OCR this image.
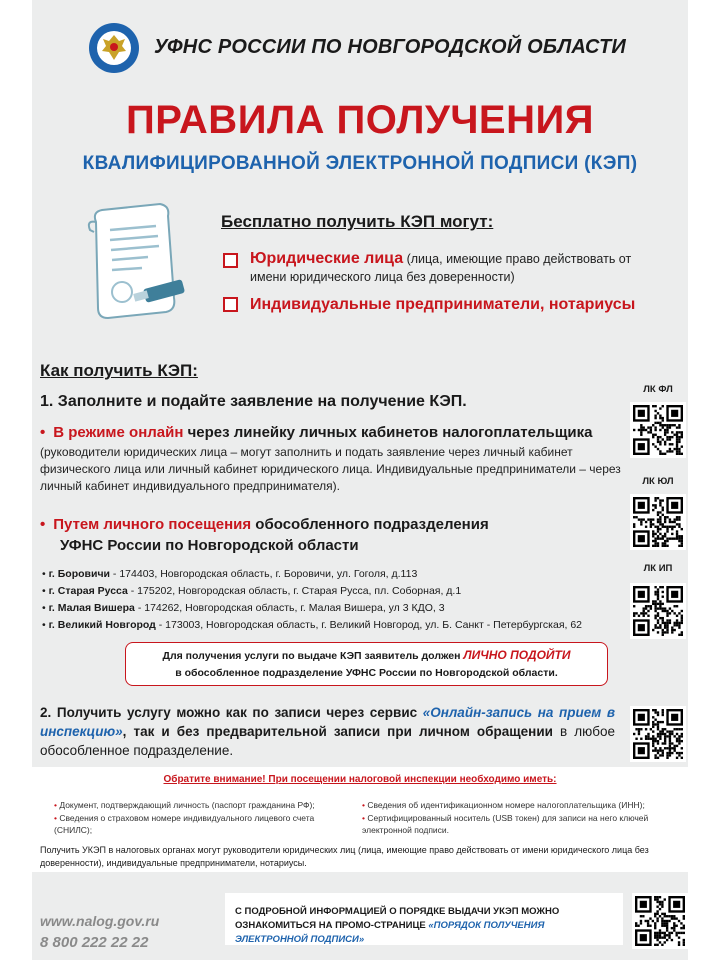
УФНС РОССИИ ПО НОВГОРОДСКОЙ ОБЛАСТИ
ПРАВИЛА ПОЛУЧЕНИЯ
КВАЛИФИЦИРОВАННОЙ ЭЛЕКТРОННОЙ ПОДПИСИ (КЭП)
Бесплатно получить КЭП могут:
Юридические лица (лица, имеющие право действовать от имени юридического лица без доверенности)
Индивидуальные предприниматели, нотариусы
Как получить КЭП:
1. Заполните и подайте заявление на получение КЭП.
• В режиме онлайн через линейку личных кабинетов налогоплательщика
(руководители юридических лица – могут заполнить и подать заявление через личный кабинет физического лица или личный кабинет юридического лица. Индивидуальные предприниматели – через личный кабинет индивидуального предпринимателя).
• Путем личного посещения обособленного подразделения
УФНС России по Новгородской области
• г. Боровичи - 174403, Новгородская область, г. Боровичи, ул. Гоголя, д.113
• г. Старая Русса - 175202, Новгородская область, г. Старая Русса, пл. Соборная, д.1
• г. Малая Вишера - 174262, Новгородская область, г. Малая Вишера, ул 3 КДО, 3
• г. Великий Новгород - 173003, Новгородская область, г. Великий Новгород, ул. Б. Санкт - Петербургская, 62
Для получения услуги по выдаче КЭП заявитель должен ЛИЧНО ПОДОЙТИ
в обособленное подразделение УФНС России по Новгородской области.
2. Получить услугу можно как по записи через сервис «Онлайн-запись на прием в инспекцию», так и без предварительной записи при личном обращении в любое обособленное подразделение.
Обратите внимание! При посещении налоговой инспекции необходимо иметь:
• Документ, подтверждающий личность (паспорт гражданина РФ);
• Сведения о страховом номере индивидуального лицевого счета (СНИЛС);
• Сведения об идентификационном номере налогоплательщика (ИНН);
• Сертифицированный носитель (USB токен) для записи на него ключей электронной подписи.
Получить УКЭП в налоговых органах могут руководители юридических лиц (лица, имеющие право действовать от имени юридического лица без доверенности), индивидуальные предприниматели, нотариусы.
www.nalog.gov.ru
8 800 222 22 22
С ПОДРОБНОЙ ИНФОРМАЦИЕЙ О ПОРЯДКЕ ВЫДАЧИ УКЭП МОЖНО ОЗНАКОМИТЬСЯ НА ПРОМО-СТРАНИЦЕ «ПОРЯДОК ПОЛУЧЕНИЯ ЭЛЕКТРОННОЙ ПОДПИСИ»
ЛК ФЛ
ЛК ЮЛ
ЛК ИП
